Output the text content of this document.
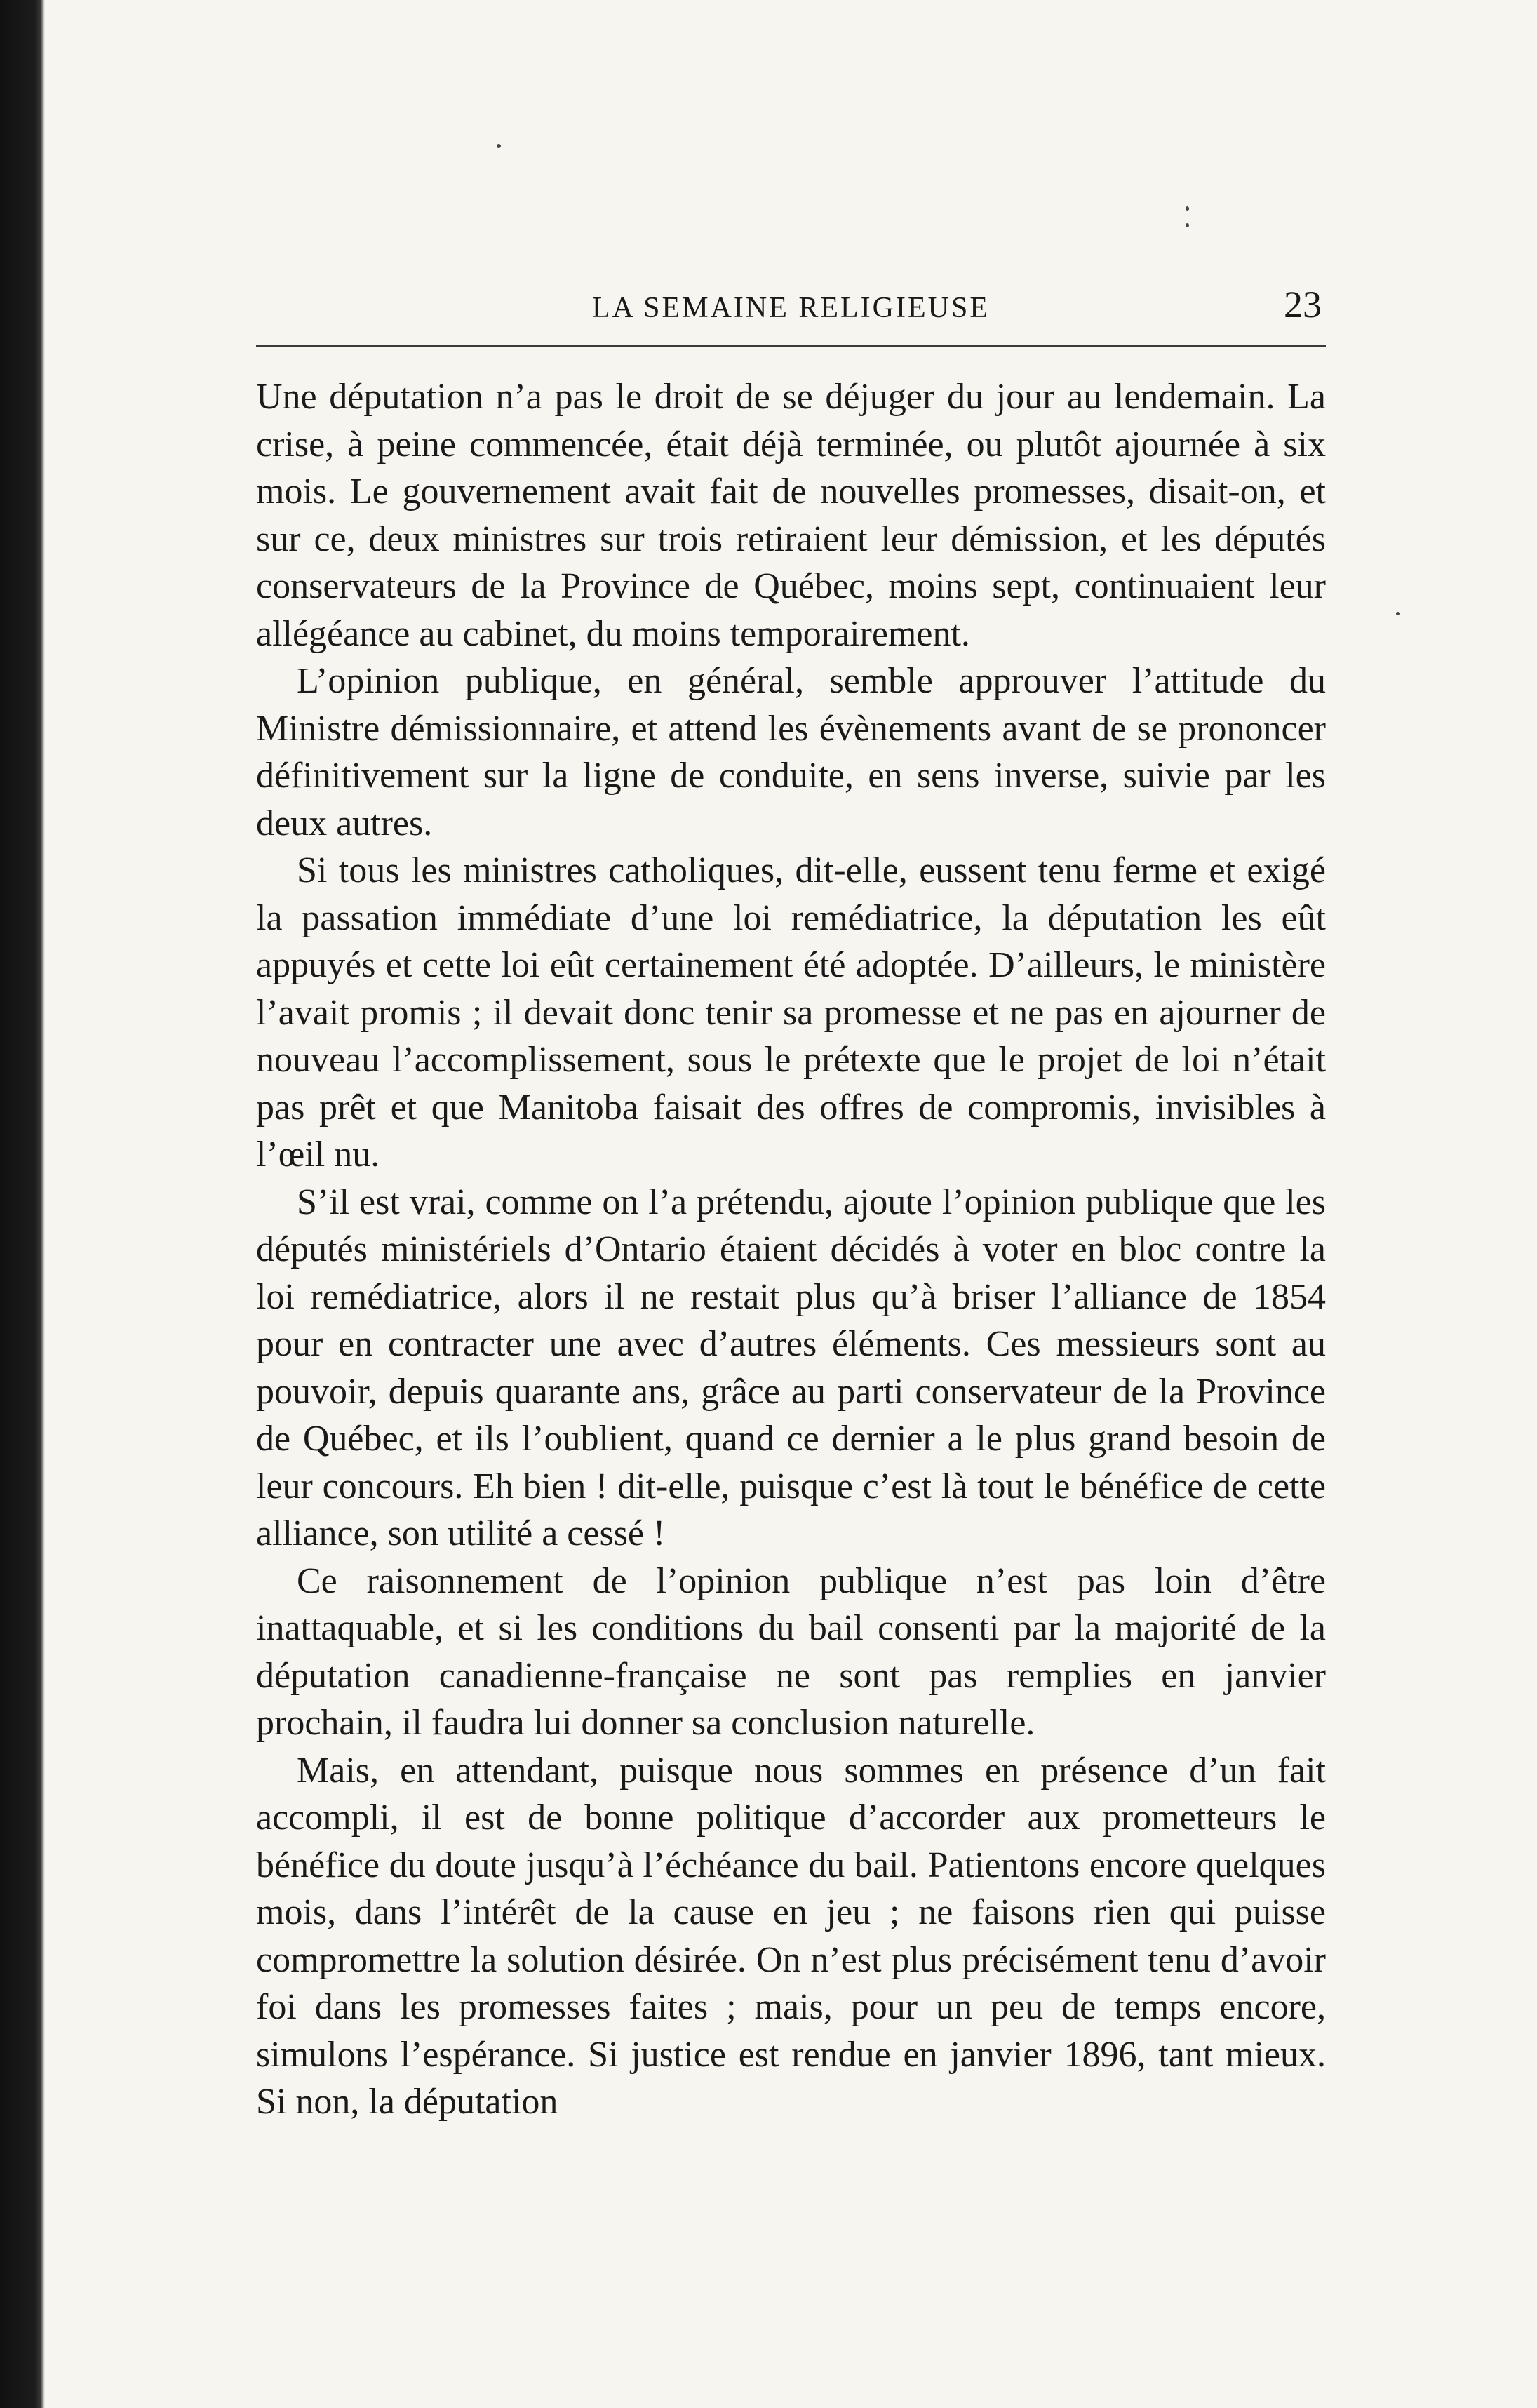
LA SEMAINE RELIGIEUSE	23

Une députation n’a pas le droit de se déjuger du jour au lendemain. La crise, à peine commencée, était déjà terminée, ou plutôt ajournée à six mois. Le gouvernement avait fait de nouvelles promesses, disait-on, et sur ce, deux ministres sur trois retiraient leur démission, et les députés conservateurs de la Province de Québec, moins sept, continuaient leur allégéance au cabinet, du moins temporairement.

L’opinion publique, en général, semble approuver l’attitude du Ministre démissionnaire, et attend les évènements avant de se prononcer définitivement sur la ligne de conduite, en sens inverse, suivie par les deux autres.

Si tous les ministres catholiques, dit-elle, eussent tenu ferme et exigé la passation immédiate d’une loi remédiatrice, la députation les eût appuyés et cette loi eût certainement été adoptée. D’ailleurs, le ministère l’avait promis ; il devait donc tenir sa promesse et ne pas en ajourner de nouveau l’accomplissement, sous le prétexte que le projet de loi n’était pas prêt et que Manitoba faisait des offres de compromis, invisibles à l’œil nu.

S’il est vrai, comme on l’a prétendu, ajoute l’opinion publique que les députés ministériels d’Ontario étaient décidés à voter en bloc contre la loi remédiatrice, alors il ne restait plus qu’à briser l’alliance de 1854 pour en contracter une avec d’autres éléments. Ces messieurs sont au pouvoir, depuis quarante ans, grâce au parti conservateur de la Province de Québec, et ils l’oublient, quand ce dernier a le plus grand besoin de leur concours. Eh bien ! dit-elle, puisque c’est là tout le bénéfice de cette alliance, son utilité a cessé !

Ce raisonnement de l’opinion publique n’est pas loin d’être inattaquable, et si les conditions du bail consenti par la majorité de la députation canadienne-française ne sont pas remplies en janvier prochain, il faudra lui donner sa conclusion naturelle.

Mais, en attendant, puisque nous sommes en présence d’un fait accompli, il est de bonne politique d’accorder aux prometteurs le bénéfice du doute jusqu’à l’échéance du bail. Patientons encore quelques mois, dans l’intérêt de la cause en jeu ; ne faisons rien qui puisse compromettre la solution désirée. On n’est plus précisément tenu d’avoir foi dans les promesses faites ; mais, pour un peu de temps encore, simulons l’espérance. Si justice est rendue en janvier 1896, tant mieux. Si non, la députation
